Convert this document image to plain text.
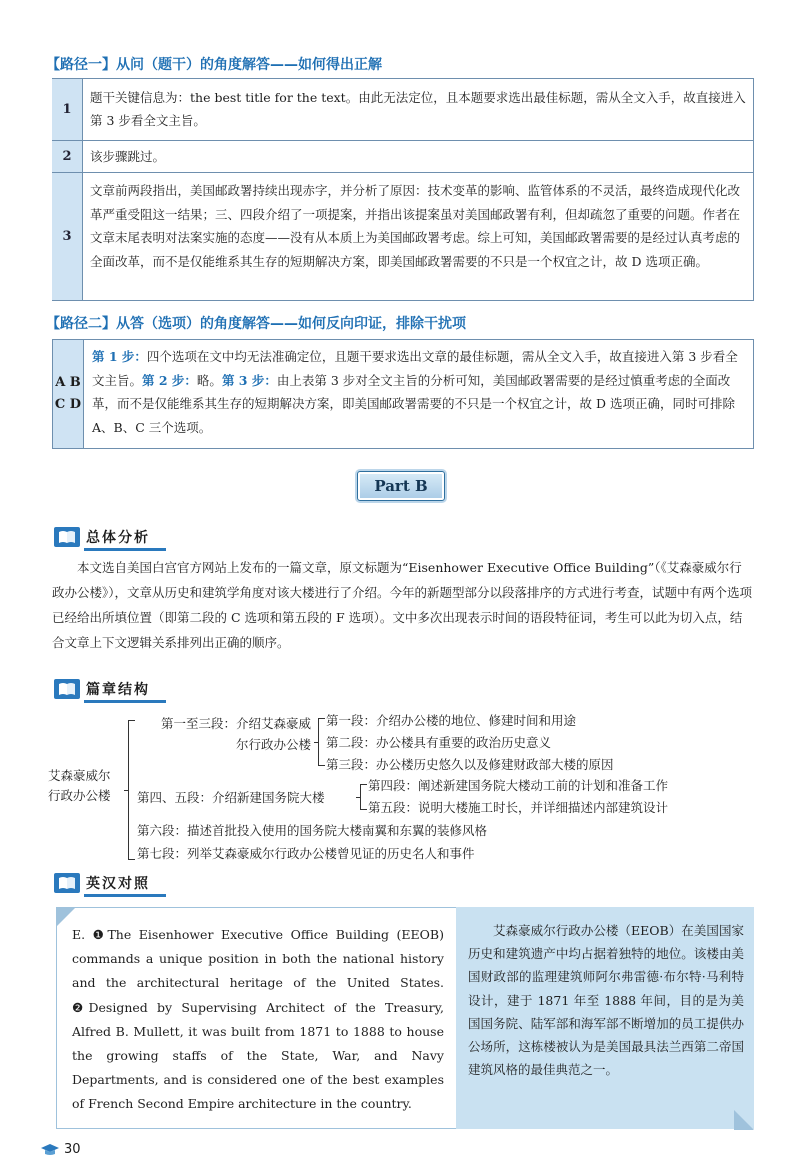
【路径一】从问（题干）的角度解答——如何得出正解
1
题干关键信息为：the best title for the text。由此无法定位，且本题要求选出最佳标题，需从全文入手，故直接进入第 3 步看全文主旨。
2	该步骤跳过。
3
文章前两段指出，美国邮政署持续出现赤字，并分析了原因：技术变革的影响、监管体系的不灵活，最终造成现代化改革严重受阻这一结果；三、四段介绍了一项提案，并指出该提案虽对美国邮政署有利，但却疏忽了重要的问题。作者在文章末尾表明对法案实施的态度——没有从本质上为美国邮政署考虑。综上可知，美国邮政署需要的是经过认真考虑的全面改革，而不是仅能维系其生存的短期解决方案，即美国邮政署需要的不只是一个权宜之计，故 D 选项正确。
【路径二】从答（选项）的角度解答——如何反向印证，排除干扰项
A B
C D
第 1 步：四个选项在文中均无法准确定位，且题干要求选出文章的最佳标题，需从全文入手，故直接进入第 3 步看全文主旨。第 2 步：略。第 3 步：由上表第 3 步对全文主旨的分析可知，美国邮政署需要的是经过慎重考虑的全面改革，而不是仅能维系其生存的短期解决方案，即美国邮政署需要的不只是一个权宜之计，故 D 选项正确，同时可排除 A、B、C 三个选项。
Part B
总体分析
本文选自美国白宫官方网站上发布的一篇文章，原文标题为“Eisenhower Executive Office Building”（《艾森豪威尔行政办公楼》），文章从历史和建筑学角度对该大楼进行了介绍。今年的新题型部分以段落排序的方式进行考查，试题中有两个选项已经给出所填位置（即第二段的 C 选项和第五段的 F 选项）。文中多次出现表示时间的语段特征词，考生可以此为切入点，结合文章上下文逻辑关系排列出正确的顺序。
篇章结构
艾森豪威尔
行政办公楼
第一至三段：介绍艾森豪威
尔行政办公楼
第一段：介绍办公楼的地位、修建时间和用途
第二段：办公楼具有重要的政治历史意义
第三段：办公楼历史悠久以及修建财政部大楼的原因
第四、五段：介绍新建国务院大楼
第四段：阐述新建国务院大楼动工前的计划和准备工作
第五段：说明大楼施工时长，并详细描述内部建筑设计
第六段：描述首批投入使用的国务院大楼南翼和东翼的装修风格
第七段：列举艾森豪威尔行政办公楼曾见证的历史名人和事件
英汉对照
E. ❶The Eisenhower Executive Office Building (EEOB) commands a unique position in both the national history and the architectural heritage of the United States. ❷Designed by Supervising Architect of the Treasury, Alfred B. Mullett, it was built from 1871 to 1888 to house the growing staffs of the State, War, and Navy Departments, and is considered one of the best examples of French Second Empire architecture in the country.
艾森豪威尔行政办公楼（EEOB）在美国国家历史和建筑遗产中均占据着独特的地位。该楼由美国财政部的监理建筑师阿尔弗雷德·布尔特·马利特设计，建于 1871 年至 1888 年间，目的是为美国国务院、陆军部和海军部不断增加的员工提供办公场所，这栋楼被认为是美国最具法兰西第二帝国建筑风格的最佳典范之一。
30
